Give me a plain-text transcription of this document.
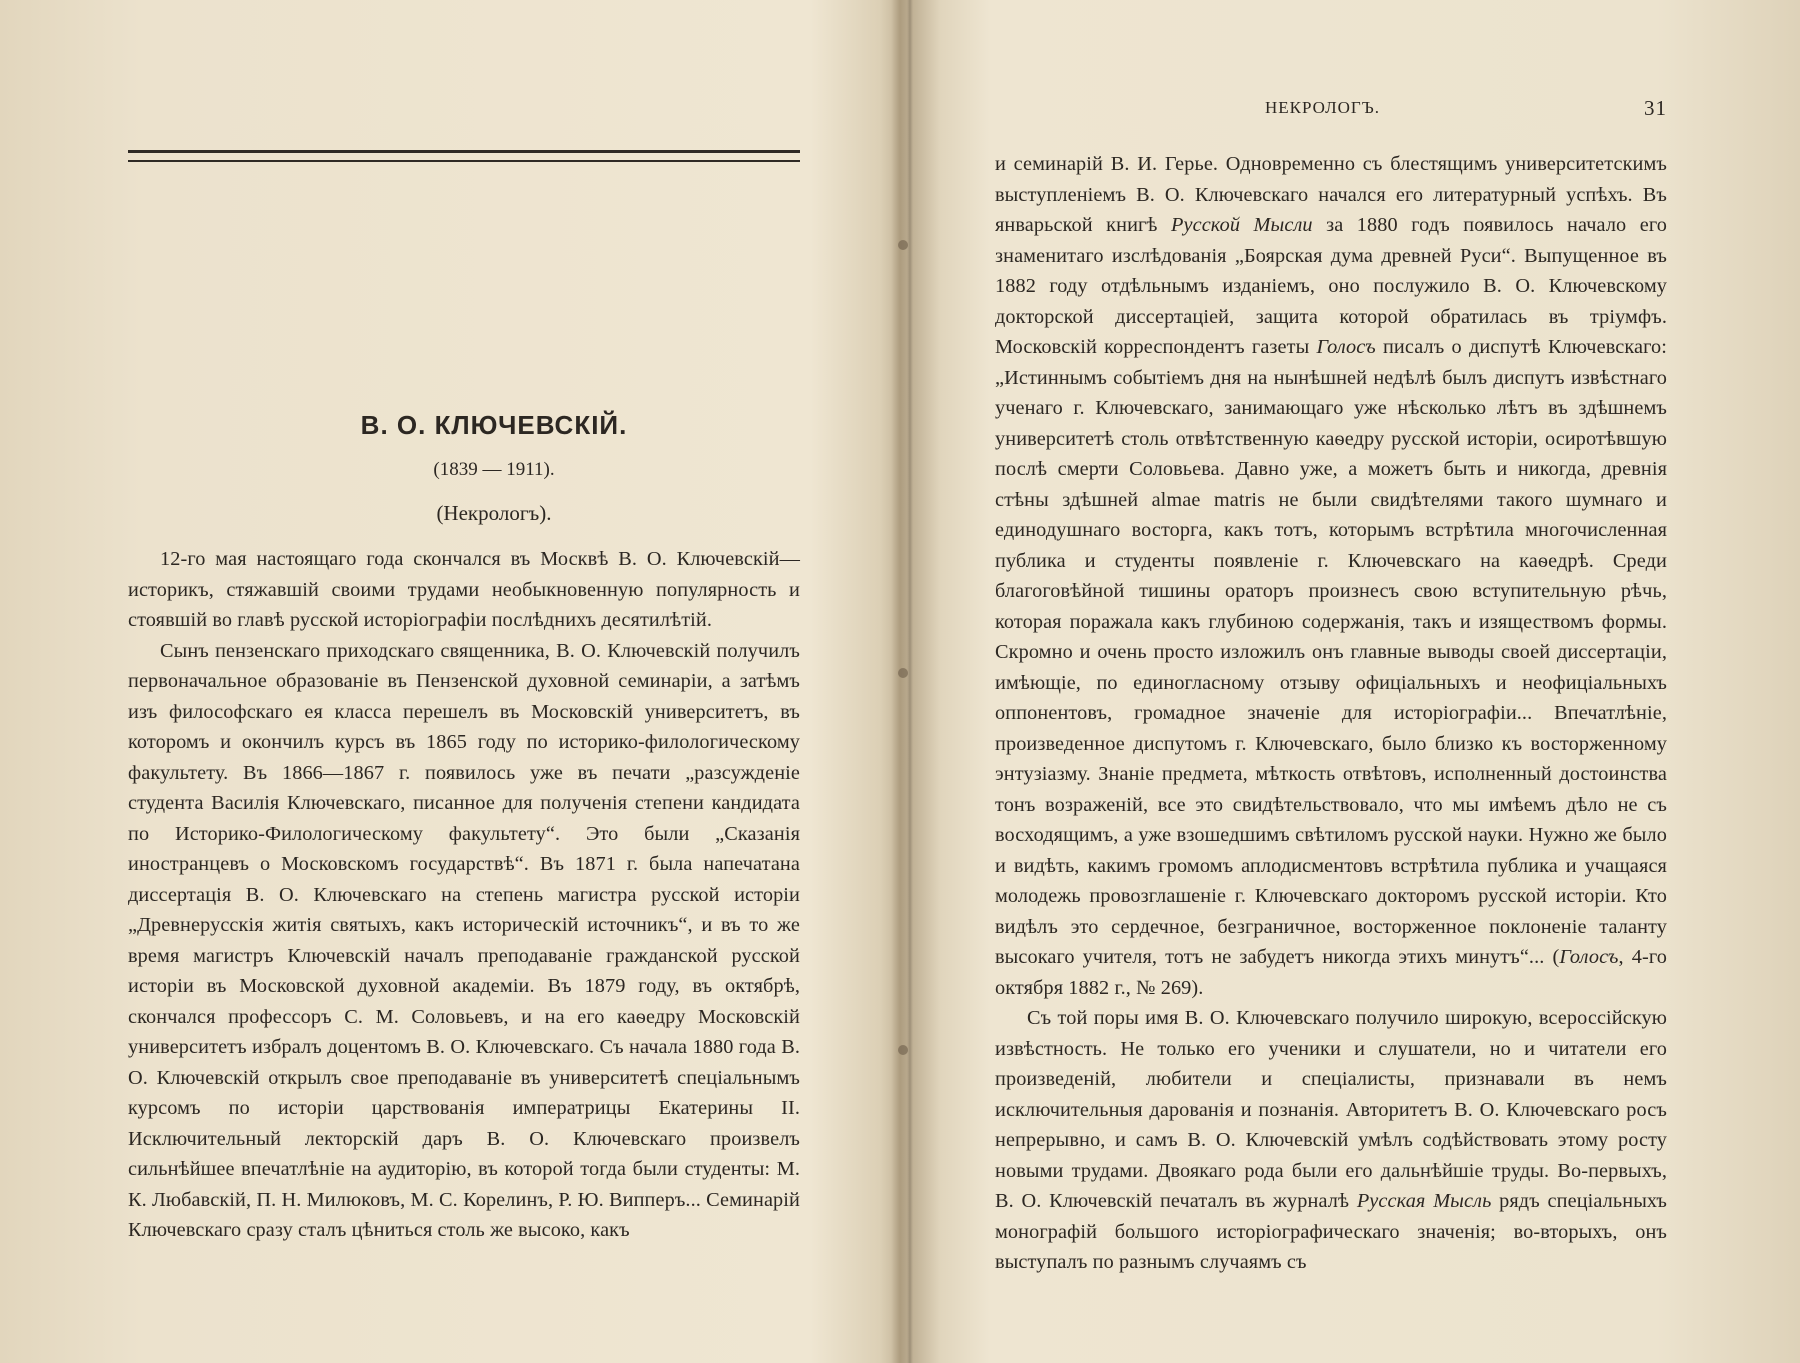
В. О. КЛЮЧЕВСКІЙ.
(1839 — 1911).
(Некрологъ).

12-го мая настоящаго года скончался въ Москвѣ В. О. Ключевскій—историкъ, стяжавшій своими трудами необыкновенную популярность и стоявшій во главѣ русской исторіографіи послѣднихъ десятилѣтій.

Сынъ пензенскаго приходскаго священника, В. О. Ключевскій получилъ первоначальное образованіе въ Пензенской духовной семинаріи, а затѣмъ изъ философскаго ея класса перешелъ въ Московскій университетъ, въ которомъ и окончилъ курсъ въ 1865 году по историко-филологическому факультету. Въ 1866—1867 г. появилось уже въ печати „разсужденіе студента Василія Ключевскаго, писанное для полученія степени кандидата по Историко-Филологическому факультету“. Это были „Сказанія иностранцевъ о Московскомъ государствѣ“. Въ 1871 г. была напечатана диссертація В. О. Ключевскаго на степень магистра русской исторіи „Древнерусскія житія святыхъ, какъ историческій источникъ“, и въ то же время магистръ Ключевскій началъ преподаваніе гражданской русской исторіи въ Московской духовной академіи. Въ 1879 году, въ октябрѣ, скончался профессоръ С. М. Соловьевъ, и на его каѳедру Московскій университетъ избралъ доцентомъ В. О. Ключевскаго. Съ начала 1880 года В. О. Ключевскій открылъ свое преподаваніе въ университетѣ спеціальнымъ курсомъ по исторіи царствованія императрицы Екатерины II. Исключительный лекторскій даръ В. О. Ключевскаго произвелъ сильнѣйшее впечатлѣніе на аудиторію, въ которой тогда были студенты: М. К. Любавскій, П. Н. Милюковъ, М. С. Корелинъ, Р. Ю. Випперъ... Семинарій Ключевскаго сразу сталъ цѣниться столь же высоко, какъ

НЕКРОЛОГЪ.	31

и семинарій В. И. Герье. Одновременно съ блестящимъ университетскимъ выступленіемъ В. О. Ключевскаго начался его литературный успѣхъ. Въ январьской книгѣ Русской Мысли за 1880 годъ появилось начало его знаменитаго изслѣдованія „Боярская дума древней Руси“. Выпущенное въ 1882 году отдѣльнымъ изданіемъ, оно послужило В. О. Ключевскому докторской диссертаціей, защита которой обратилась въ тріумфъ. Московскій корреспондентъ газеты Голосъ писалъ о диспутѣ Ключевскаго: „Истиннымъ событіемъ дня на нынѣшней недѣлѣ былъ диспутъ извѣстнаго ученаго г. Ключевскаго, занимающаго уже нѣсколько лѣтъ въ здѣшнемъ университетѣ столь отвѣтственную каѳедру русской исторіи, осиротѣвшую послѣ смерти Соловьева. Давно уже, а можетъ быть и никогда, древнія стѣны здѣшней almae matris не были свидѣтелями такого шумнаго и единодушнаго восторга, какъ тотъ, которымъ встрѣтила многочисленная публика и студенты появленіе г. Ключевскаго на каѳедрѣ. Среди благоговѣйной тишины ораторъ произнесъ свою вступительную рѣчь, которая поражала какъ глубиною содержанія, такъ и изяществомъ формы. Скромно и очень просто изложилъ онъ главные выводы своей диссертаціи, имѣющіе, по единогласному отзыву офиціальныхъ и неофиціальныхъ оппонентовъ, громадное значеніе для исторіографіи... Впечатлѣніе, произведенное диспутомъ г. Ключевскаго, было близко къ восторженному энтузіазму. Знаніе предмета, мѣткость отвѣтовъ, исполненный достоинства тонъ возраженій, все это свидѣтельствовало, что мы имѣемъ дѣло не съ восходящимъ, а уже взошедшимъ свѣтиломъ русской науки. Нужно же было и видѣть, какимъ громомъ аплодисментовъ встрѣтила публика и учащаяся молодежь провозглашеніе г. Ключевскаго докторомъ русской исторіи. Кто видѣлъ это сердечное, безграничное, восторженное поклоненіе таланту высокаго учителя, тотъ не забудетъ никогда этихъ минутъ“... (Голосъ, 4-го октября 1882 г., № 269).

Съ той поры имя В. О. Ключевскаго получило широкую, всероссійскую извѣстность. Не только его ученики и слушатели, но и читатели его произведеній, любители и спеціалисты, признавали въ немъ исключительныя дарованія и познанія. Авторитетъ В. О. Ключевскаго росъ непрерывно, и самъ В. О. Ключевскій умѣлъ содѣйствовать этому росту новыми трудами. Двоякаго рода были его дальнѣйшіе труды. Во-первыхъ, В. О. Ключевскій печаталъ въ журналѣ Русская Мысль рядъ спеціальныхъ монографій большого исторіографическаго значенія; во-вторыхъ, онъ выступалъ по разнымъ случаямъ съ
